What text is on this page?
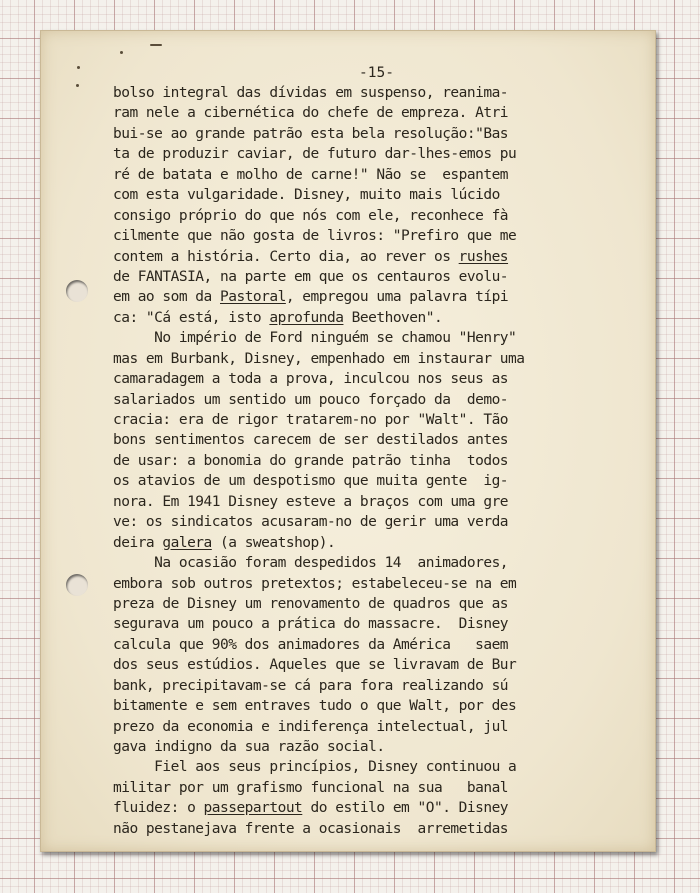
-15-
bolso integral das dívidas em suspenso, reanima-
ram nele a cibernética do chefe de empreza. Atri
bui-se ao grande patrão esta bela resolução:"Bas
ta de produzir caviar, de futuro dar-lhes-emos pu
ré de batata e molho de carne!" Não se  espantem
com esta vulgaridade. Disney, muito mais lúcido
consigo próprio do que nós com ele, reconhece fà
cilmente que não gosta de livros: "Prefiro que me
contem a história. Certo dia, ao rever os rushes
de FANTASIA, na parte em que os centauros evolu-
em ao som da Pastoral, empregou uma palavra típi
ca: "Cá está, isto aprofunda Beethoven".
No império de Ford ninguém se chamou "Henry"
mas em Burbank, Disney, empenhado em instaurar uma
camaradagem a toda a prova, inculcou nos seus as
salariados um sentido um pouco forçado da  demo-
cracia: era de rigor tratarem-no por "Walt". Tão
bons sentimentos carecem de ser destilados antes
de usar: a bonomia do grande patrão tinha  todos
os atavios de um despotismo que muita gente  ig-
nora. Em 1941 Disney esteve a braços com uma gre
ve: os sindicatos acusaram-no de gerir uma verda
deira galera (a sweatshop).
Na ocasião foram despedidos 14  animadores,
embora sob outros pretextos; estabeleceu-se na em
preza de Disney um renovamento de quadros que as
segurava um pouco a prática do massacre.  Disney
calcula que 90% dos animadores da América   saem
dos seus estúdios. Aqueles que se livravam de Bur
bank, precipitavam-se cá para fora realizando sú
bitamente e sem entraves tudo o que Walt, por des
prezo da economia e indiferença intelectual, jul
gava indigno da sua razão social.
Fiel aos seus princípios, Disney continuou a
militar por um grafismo funcional na sua   banal
fluidez: o passepartout do estilo em "O". Disney
não pestanejava frente a ocasionais  arremetidas
